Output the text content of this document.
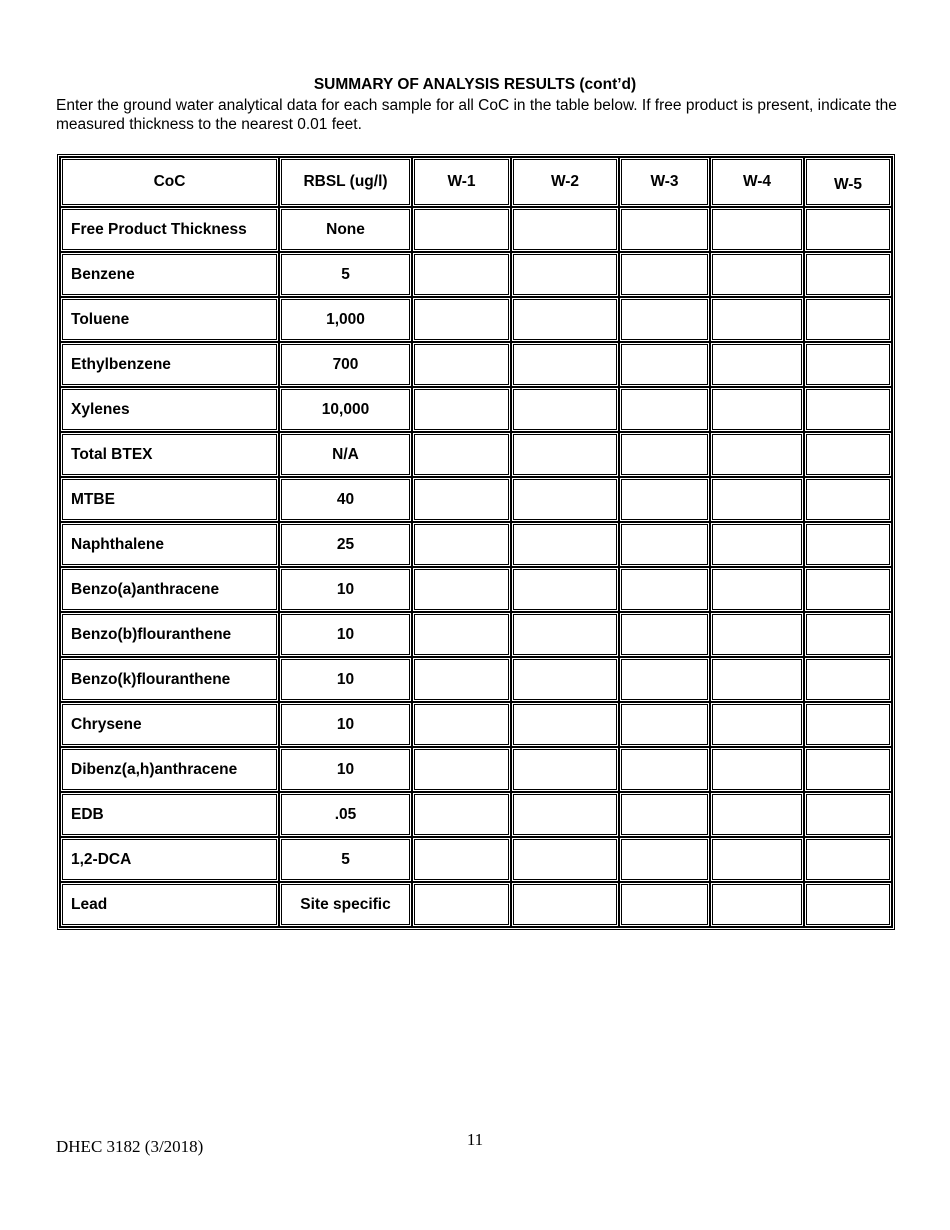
SUMMARY OF ANALYSIS RESULTS (cont’d)

Enter the ground water analytical data for each sample for all CoC in the table below. If free product is present, indicate the measured thickness to the nearest 0.01 feet.

CoC	RBSL (ug/l)	W-1	W-2	W-3	W-4	W-5
Free Product Thickness	None					
Benzene	5					
Toluene	1,000					
Ethylbenzene	700					
Xylenes	10,000					
Total BTEX	N/A					
MTBE	40					
Naphthalene	25					
Benzo(a)anthracene	10					
Benzo(b)flouranthene	10					
Benzo(k)flouranthene	10					
Chrysene	10					
Dibenz(a,h)anthracene	10					
EDB	.05					
1,2-DCA	5					
Lead	Site specific					

DHEC 3182 (3/2018)	11
